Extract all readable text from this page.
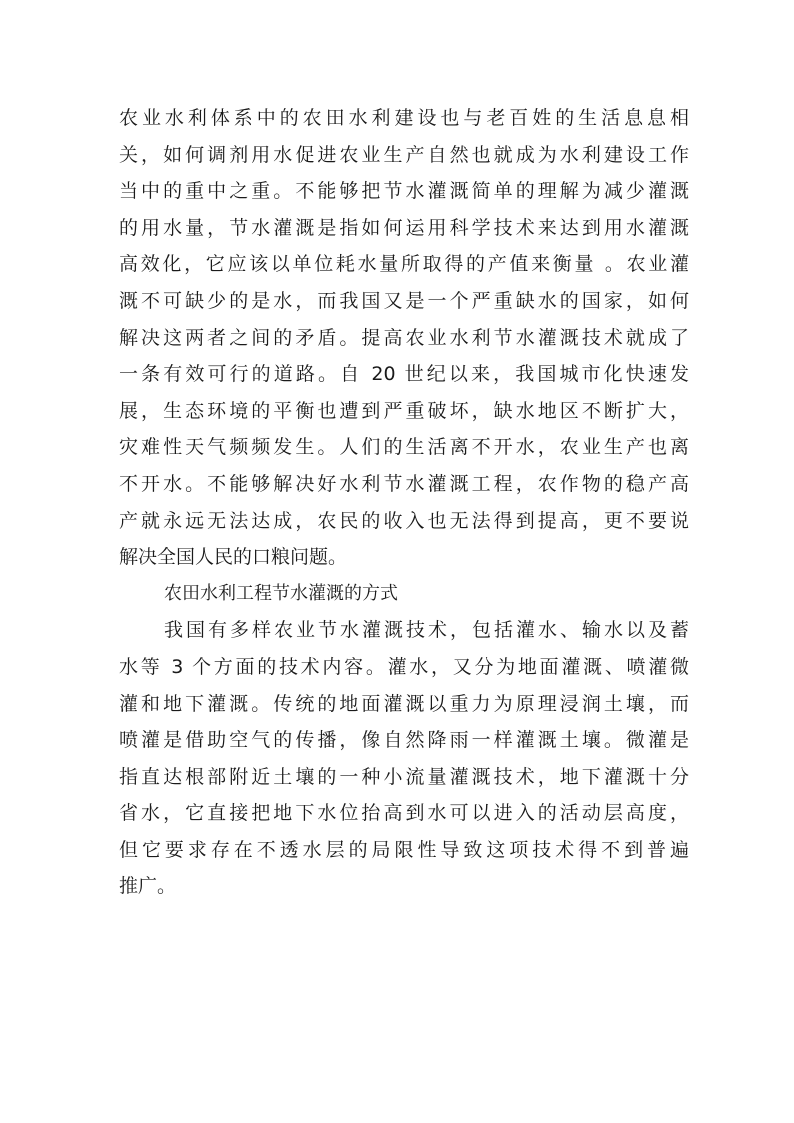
农业水利体系中的农田水利建设也与老百姓的生活息息相
关，如何调剂用水促进农业生产自然也就成为水利建设工作
当中的重中之重。不能够把节水灌溉简单的理解为减少灌溉
的用水量，节水灌溉是指如何运用科学技术来达到用水灌溉
高效化，它应该以单位耗水量所取得的产值来衡量 。农业灌
溉不可缺少的是水，而我国又是一个严重缺水的国家，如何
解决这两者之间的矛盾。提高农业水利节水灌溉技术就成了
一条有效可行的道路。自 20 世纪以来，我国城市化快速发
展，生态环境的平衡也遭到严重破坏，缺水地区不断扩大，
灾难性天气频频发生。人们的生活离不开水，农业生产也离
不开水。不能够解决好水利节水灌溉工程，农作物的稳产高
产就永远无法达成，农民的收入也无法得到提高，更不要说
解决全国人民的口粮问题。
农田水利工程节水灌溉的方式
我国有多样农业节水灌溉技术，包括灌水、输水以及蓄
水等 3 个方面的技术内容。灌水，又分为地面灌溉、喷灌微
灌和地下灌溉。传统的地面灌溉以重力为原理浸润土壤，而
喷灌是借助空气的传播，像自然降雨一样灌溉土壤。微灌是
指直达根部附近土壤的一种小流量灌溉技术，地下灌溉十分
省水，它直接把地下水位抬高到水可以进入的活动层高度，
但它要求存在不透水层的局限性导致这项技术得不到普遍
推广。
